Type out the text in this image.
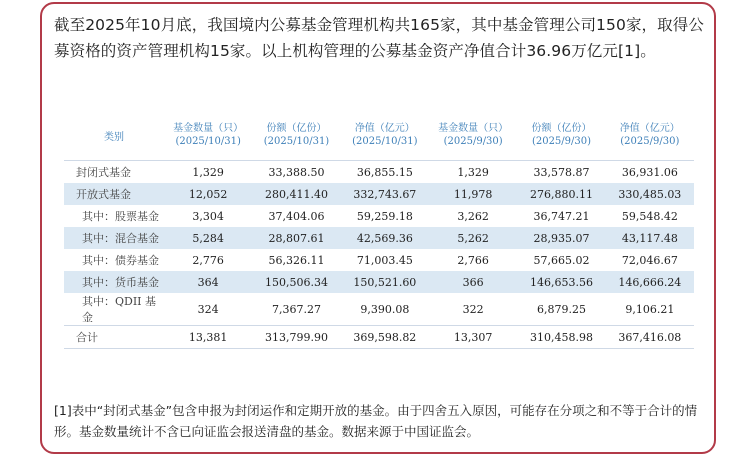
截至2025年10月底，我国境内公募基金管理机构共165家，其中基金管理公司150家，取得公募资格的资产管理机构15家。以上机构管理的公募基金资产净值合计36.96万亿元[1]。
类别	基金数量（只）	份额（亿份）	净值（亿元）	基金数量（只）	份额（亿份）	净值（亿元）
	(2025/10/31)	(2025/10/31)	(2025/10/31)	(2025/9/30)	(2025/9/30)	(2025/9/30)
封闭式基金	1,329	33,388.50	36,855.15	1,329	33,578.87	36,931.06
开放式基金	12,052	280,411.40	332,743.67	11,978	276,880.11	330,485.03
其中：股票基金	3,304	37,404.06	59,259.18	3,262	36,747.21	59,548.42
其中：混合基金	5,284	28,807.61	42,569.36	5,262	28,935.07	43,117.48
其中：债券基金	2,776	56,326.11	71,003.45	2,766	57,665.02	72,046.67
其中：货币基金	364	150,506.34	150,521.60	366	146,653.56	146,666.24
其中：QDII 基金	324	7,367.27	9,390.08	322	6,879.25	9,106.21
合计	13,381	313,799.90	369,598.82	13,307	310,458.98	367,416.08
[1]表中“封闭式基金”包含申报为封闭运作和定期开放的基金。由于四舍五入原因，可能存在分项之和不等于合计的情形。基金数量统计不含已向证监会报送清盘的基金。数据来源于中国证监会。
